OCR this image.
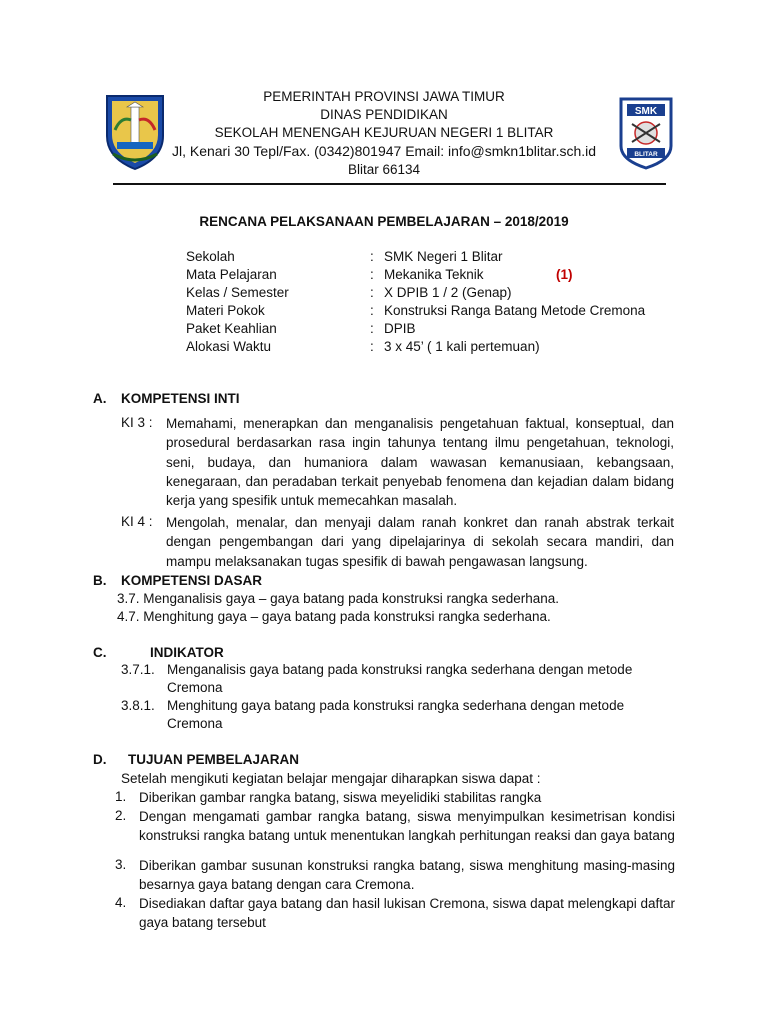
SMK
BLITAR
PEMERINTAH PROVINSI JAWA TIMUR
DINAS PENDIDIKAN
SEKOLAH MENENGAH KEJURUAN NEGERI 1 BLITAR
Jl, Kenari 30 Tepl/Fax. (0342)801947 Email: info@smkn1blitar.sch.id
Blitar 66134
RENCANA PELAKSANAAN PEMBELAJARAN – 2018/2019
Sekolah	: SMK Negeri 1 Blitar
Mata Pelajaran	: Mekanika Teknik	(1)
Kelas / Semester	: X DPIB 1 / 2 (Genap)
Materi Pokok	: Konstruksi Ranga Batang Metode Cremona
Paket Keahlian	: DPIB
Alokasi Waktu	: 3 x 45’ ( 1 kali pertemuan)
A. KOMPETENSI INTI
KI 3 : Memahami, menerapkan dan menganalisis pengetahuan faktual, konseptual, dan prosedural berdasarkan rasa ingin tahunya tentang ilmu pengetahuan, teknologi, seni, budaya, dan humaniora dalam wawasan kemanusiaan, kebangsaan, kenegaraan, dan peradaban terkait penyebab fenomena dan kejadian dalam bidang kerja yang spesifik untuk memecahkan masalah.
KI 4 : Mengolah, menalar, dan menyaji dalam ranah konkret dan ranah abstrak terkait dengan pengembangan dari yang dipelajarinya di sekolah secara mandiri, dan mampu melaksanakan tugas spesifik di bawah pengawasan langsung.
B. KOMPETENSI DASAR
3.7. Menganalisis gaya – gaya batang pada konstruksi rangka sederhana.
4.7. Menghitung gaya – gaya batang pada konstruksi rangka sederhana.
C.	INDIKATOR
3.7.1. Menganalisis gaya batang pada konstruksi rangka sederhana dengan metode
Cremona
3.8.1. Menghitung gaya batang pada konstruksi rangka sederhana dengan metode
Cremona
D. TUJUAN PEMBELAJARAN
Setelah mengikuti kegiatan belajar mengajar diharapkan siswa dapat :
1. Diberikan gambar rangka batang, siswa meyelidiki stabilitas rangka
2. Dengan mengamati gambar rangka batang, siswa menyimpulkan kesimetrisan kondisi konstruksi rangka batang untuk menentukan langkah perhitungan reaksi dan gaya batang
3. Diberikan gambar susunan konstruksi rangka batang, siswa menghitung masing-masing besarnya gaya batang dengan cara Cremona.
4. Disediakan daftar gaya batang dan hasil lukisan Cremona, siswa dapat melengkapi daftar gaya batang tersebut
